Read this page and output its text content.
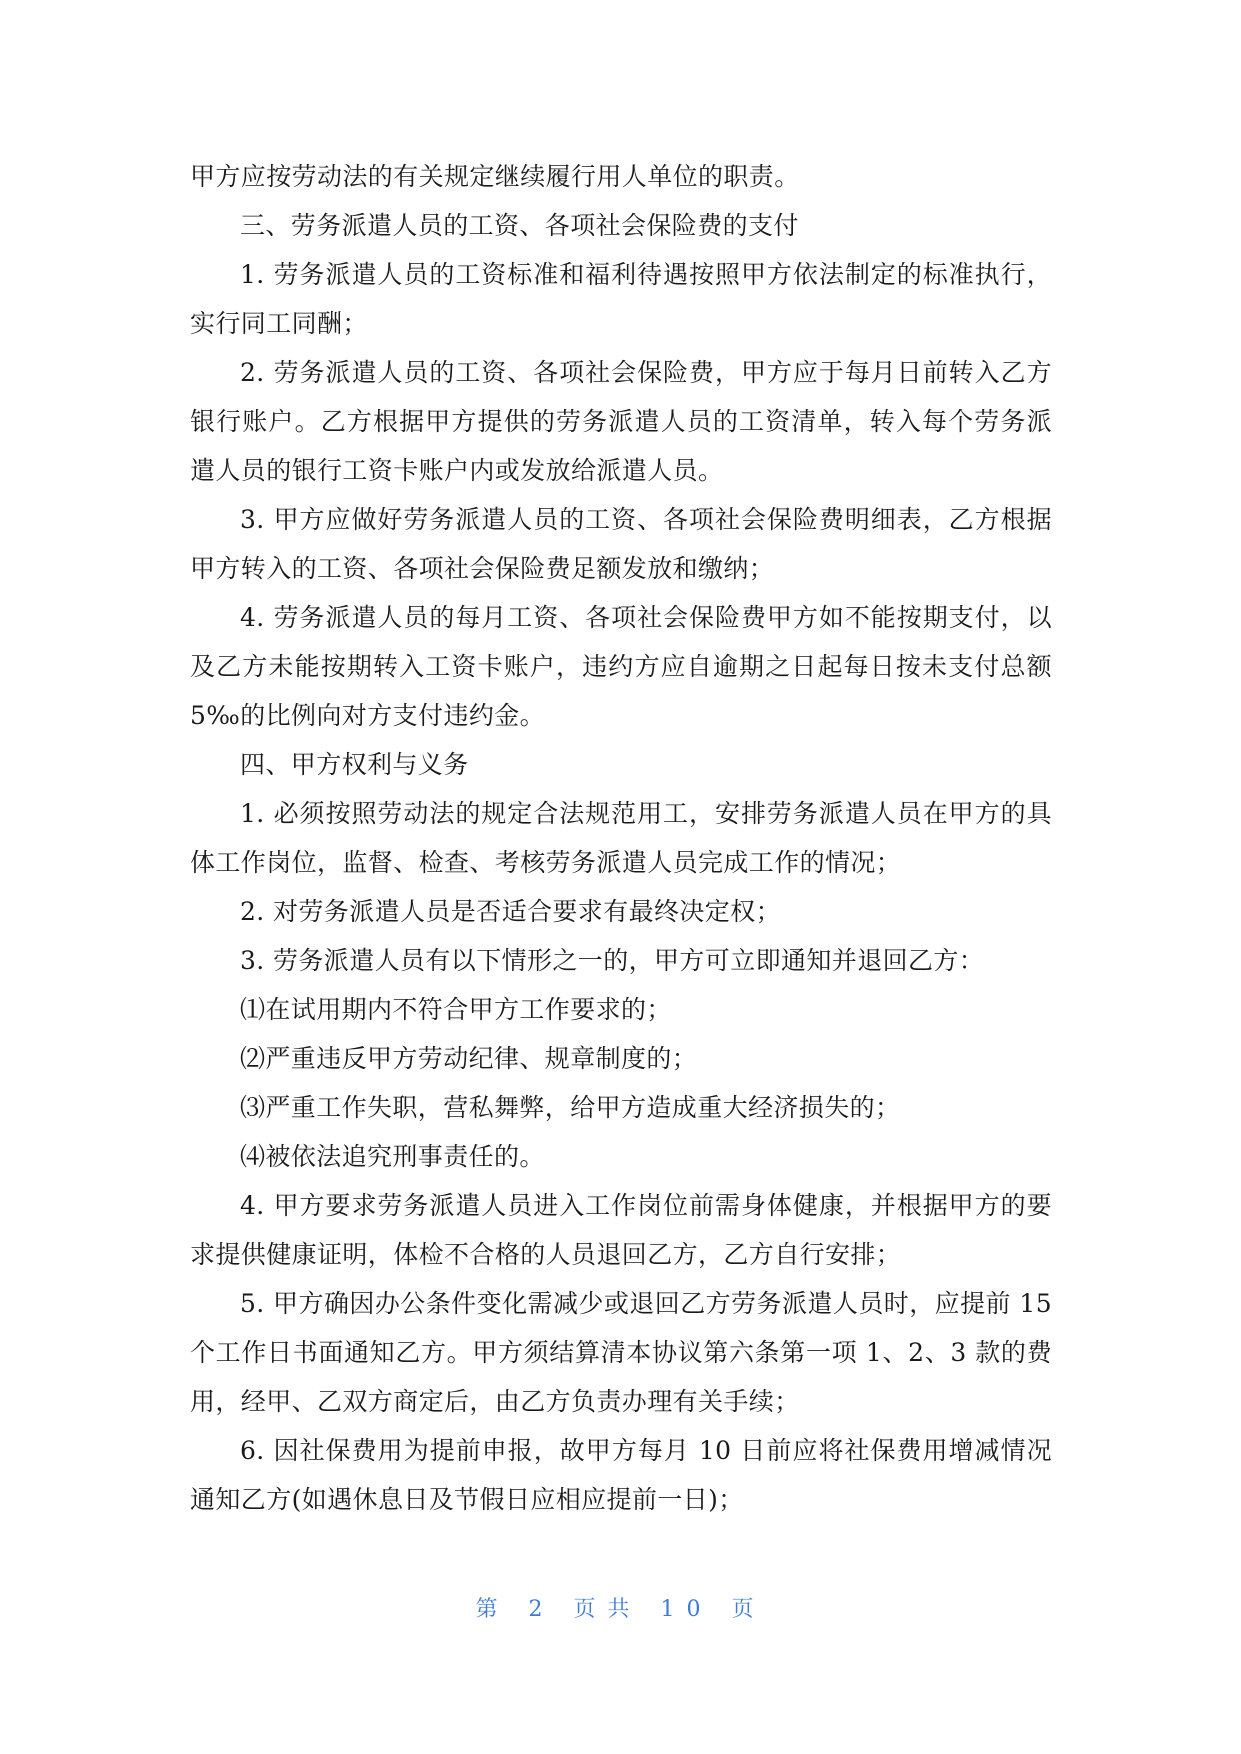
甲方应按劳动法的有关规定继续履行用人单位的职责。

三、劳务派遣人员的工资、各项社会保险费的支付

1. 劳务派遣人员的工资标准和福利待遇按照甲方依法制定的标准执行，实行同工同酬；

2. 劳务派遣人员的工资、各项社会保险费，甲方应于每月日前转入乙方银行账户。乙方根据甲方提供的劳务派遣人员的工资清单，转入每个劳务派遣人员的银行工资卡账户内或发放给派遣人员。

3. 甲方应做好劳务派遣人员的工资、各项社会保险费明细表，乙方根据甲方转入的工资、各项社会保险费足额发放和缴纳；

4. 劳务派遣人员的每月工资、各项社会保险费甲方如不能按期支付，以及乙方未能按期转入工资卡账户，违约方应自逾期之日起每日按未支付总额 5‰的比例向对方支付违约金。

四、甲方权利与义务

1. 必须按照劳动法的规定合法规范用工，安排劳务派遣人员在甲方的具体工作岗位，监督、检查、考核劳务派遣人员完成工作的情况；

2. 对劳务派遣人员是否适合要求有最终决定权；

3. 劳务派遣人员有以下情形之一的，甲方可立即通知并退回乙方：

⑴在试用期内不符合甲方工作要求的；

⑵严重违反甲方劳动纪律、规章制度的；

⑶严重工作失职，营私舞弊，给甲方造成重大经济损失的；

⑷被依法追究刑事责任的。

4. 甲方要求劳务派遣人员进入工作岗位前需身体健康，并根据甲方的要求提供健康证明，体检不合格的人员退回乙方，乙方自行安排；

5. 甲方确因办公条件变化需减少或退回乙方劳务派遣人员时，应提前 15 个工作日书面通知乙方。甲方须结算清本协议第六条第一项 1、2、3 款的费用，经甲、乙双方商定后，由乙方负责办理有关手续；

6. 因社保费用为提前申报，故甲方每月 10 日前应将社保费用增减情况通知乙方(如遇休息日及节假日应相应提前一日)；

第 2 页共 10 页
